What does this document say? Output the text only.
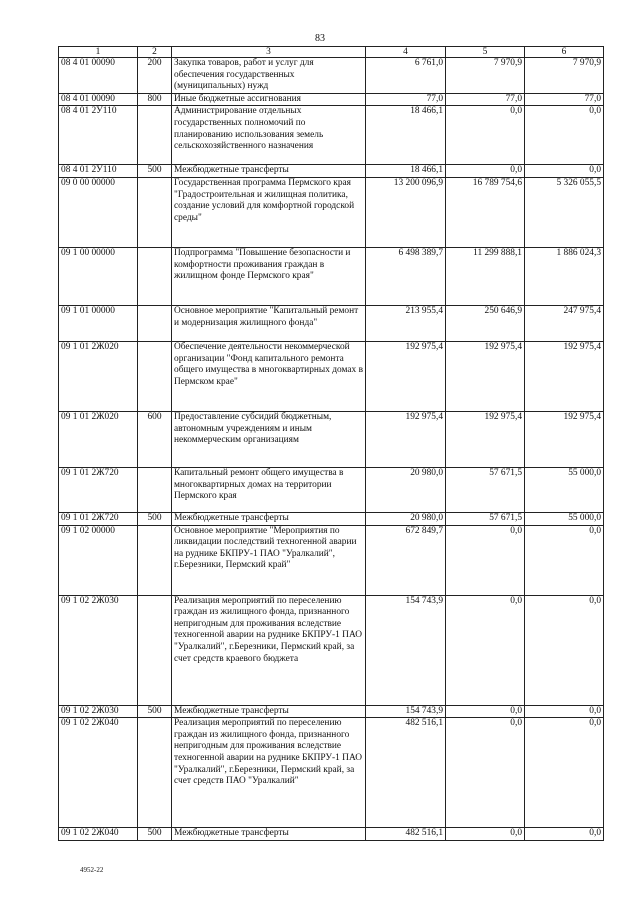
83
1	2	3	4	5	6
08 4 01 00090	200	Закупка товаров, работ и услуг для обеспечения государственных (муниципальных) нужд	6 761,0	7 970,9	7 970,9
08 4 01 00090	800	Иные бюджетные ассигнования	77,0	77,0	77,0
08 4 01 2У110		Администрирование отдельных государственных полномочий по планированию использования земель сельскохозяйственного назначения	18 466,1	0,0	0,0
08 4 01 2У110	500	Межбюджетные трансферты	18 466,1	0,0	0,0
09 0 00 00000		Государственная программа Пермского края "Градостроительная и жилищная политика, создание условий для комфортной городской среды"	13 200 096,9	16 789 754,6	5 326 055,5
09 1 00 00000		Подпрограмма "Повышение безопасности и комфортности проживания граждан в жилищном фонде Пермского края"	6 498 389,7	11 299 888,1	1 886 024,3
09 1 01 00000		Основное мероприятие "Капитальный ремонт и модернизация жилищного фонда"	213 955,4	250 646,9	247 975,4
09 1 01 2Ж020		Обеспечение деятельности некоммерческой организации "Фонд капитального ремонта общего имущества в многоквартирных домах в Пермском крае"	192 975,4	192 975,4	192 975,4
09 1 01 2Ж020	600	Предоставление субсидий бюджетным, автономным учреждениям и иным некоммерческим организациям	192 975,4	192 975,4	192 975,4
09 1 01 2Ж720		Капитальный ремонт общего имущества в многоквартирных домах на территории Пермского края	20 980,0	57 671,5	55 000,0
09 1 01 2Ж720	500	Межбюджетные трансферты	20 980,0	57 671,5	55 000,0
09 1 02 00000		Основное мероприятие "Мероприятия по ликвидации последствий техногенной аварии на руднике БКПРУ-1 ПАО "Уралкалий", г.Березники, Пермский край"	672 849,7	0,0	0,0
09 1 02 2Ж030		Реализация мероприятий по переселению граждан из жилищного фонда, признанного непригодным для проживания вследствие техногенной аварии на руднике БКПРУ-1 ПАО "Уралкалий", г.Березники, Пермский край, за счет средств краевого бюджета	154 743,9	0,0	0,0
09 1 02 2Ж030	500	Межбюджетные трансферты	154 743,9	0,0	0,0
09 1 02 2Ж040		Реализация мероприятий по переселению граждан из жилищного фонда, признанного непригодным для проживания вследствие техногенной аварии на руднике БКПРУ-1 ПАО "Уралкалий", г.Березники, Пермский край, за счет средств ПАО "Уралкалий"	482 516,1	0,0	0,0
09 1 02 2Ж040	500	Межбюджетные трансферты	482 516,1	0,0	0,0
4952-22
